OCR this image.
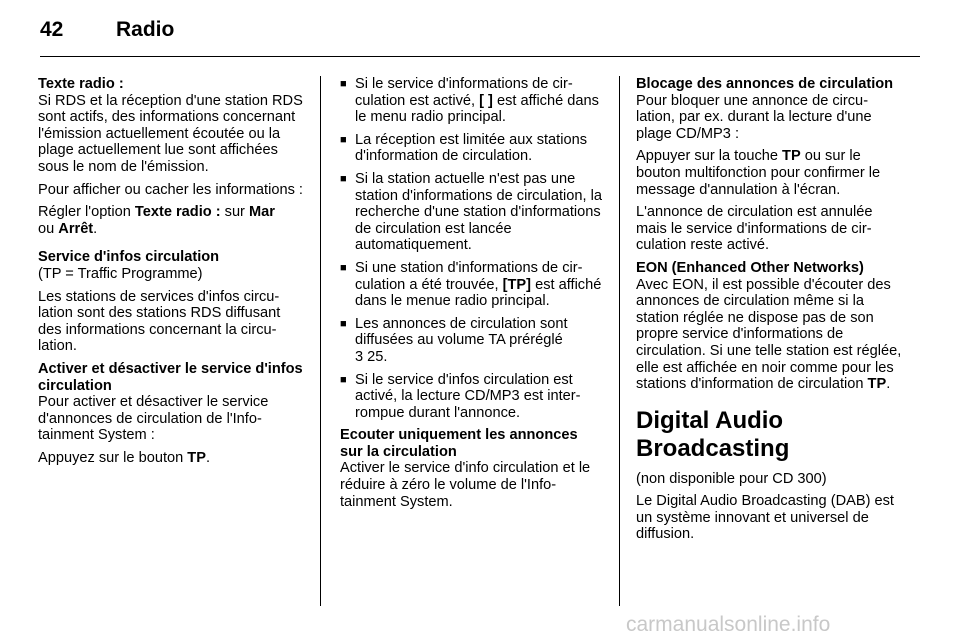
42	Radio
Texte radio :

Si RDS et la réception d'une station RDS sont actifs, des informations concernant l'émission actuellement écoutée ou la plage actuellement lue sont affichées sous le nom de l'émission.

Pour afficher ou cacher les informations :

Régler l'option Texte radio : sur Mar
ou Arrêt.

Service d'infos circulation

(TP = Traffic Programme)

Les stations de services d'infos circulation sont des stations RDS diffusant des informations concernant la circulation.

Activer et désactiver le service d'infos circulation

Pour activer et désactiver le service d'annonces de circulation de l'Infotainment System :

Appuyez sur le bouton TP.

■ Si le service d'informations de circulation est activé, [ ] est affiché dans le menu radio principal.
■ La réception est limitée aux stations d'information de circulation.
■ Si la station actuelle n'est pas une station d'informations de circulation, la recherche d'une station d'informations de circulation est lancée automatiquement.
■ Si une station d'informations de circulation a été trouvée, [TP] est affiché dans le menue radio principal.
■ Les annonces de circulation sont diffusées au volume TA préréglé
3 25.
■ Si le service d'infos circulation est activé, la lecture CD/MP3 est interrompue durant l'annonce.
Ecouter uniquement les annonces sur la circulation

Activer le service d'info circulation et le réduire à zéro le volume de l'Infotainment System.

Blocage des annonces de circulation

Pour bloquer une annonce de circulation, par ex. durant la lecture d'une plage CD/MP3 :

Appuyer sur la touche TP ou sur le bouton multifonction pour confirmer le message d'annulation à l'écran.

L'annonce de circulation est annulée mais le service d'informations de circulation reste activé.

EON (Enhanced Other Networks)

Avec EON, il est possible d'écouter des annonces de circulation même si la station réglée ne dispose pas de son propre service d'informations de circulation. Si une telle station est réglée, elle est affichée en noir comme pour les stations d'information de circulation TP.

Digital Audio Broadcasting

(non disponible pour CD 300)

Le Digital Audio Broadcasting (DAB) est un système innovant et universel de diffusion.

carmanualsonline.info
